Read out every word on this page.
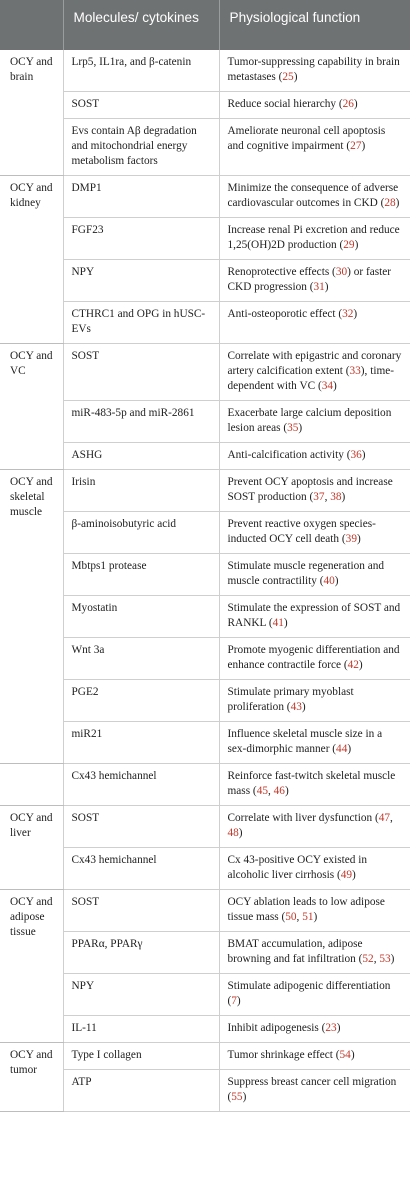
	Molecules/ cytokines	Physiological function
OCY and brain	Lrp5, IL1ra, and β-catenin	Tumor-suppressing capability in brain metastases (25)
	SOST	Reduce social hierarchy (26)
	Evs contain Aβ degradation and mitochondrial energy metabolism factors	Ameliorate neuronal cell apoptosis and cognitive impairment (27)
OCY and kidney	DMP1	Minimize the consequence of adverse cardiovascular outcomes in CKD (28)
	FGF23	Increase renal Pi excretion and reduce 1,25(OH)2D production (29)
	NPY	Renoprotective effects (30) or faster CKD progression (31)
	CTHRC1 and OPG in hUSC-EVs	Anti-osteoporotic effect (32)
OCY and VC	SOST	Correlate with epigastric and coronary artery calcification extent (33), time-dependent with VC (34)
	miR-483-5p and miR-2861	Exacerbate large calcium deposition lesion areas (35)
	ASHG	Anti-calcification activity (36)
OCY and skeletal muscle	Irisin	Prevent OCY apoptosis and increase SOST production (37, 38)
	β-aminoisobutyric acid	Prevent reactive oxygen species-inducted OCY cell death (39)
	Mbtps1 protease	Stimulate muscle regeneration and muscle contractility (40)
	Myostatin	Stimulate the expression of SOST and RANKL (41)
	Wnt 3a	Promote myogenic differentiation and enhance contractile force (42)
	PGE2	Stimulate primary myoblast proliferation (43)
	miR21	Influence skeletal muscle size in a sex-dimorphic manner (44)
	Cx43 hemichannel	Reinforce fast-twitch skeletal muscle mass (45, 46)
OCY and liver	SOST	Correlate with liver dysfunction (47, 48)
	Cx43 hemichannel	Cx 43-positive OCY existed in alcoholic liver cirrhosis (49)
OCY and adipose tissue	SOST	OCY ablation leads to low adipose tissue mass (50, 51)
	PPARα, PPARγ	BMAT accumulation, adipose browning and fat infiltration (52, 53)
	NPY	Stimulate adipogenic differentiation (7)
	IL-11	Inhibit adipogenesis (23)
OCY and tumor	Type I collagen	Tumor shrinkage effect (54)
	ATP	Suppress breast cancer cell migration (55)
